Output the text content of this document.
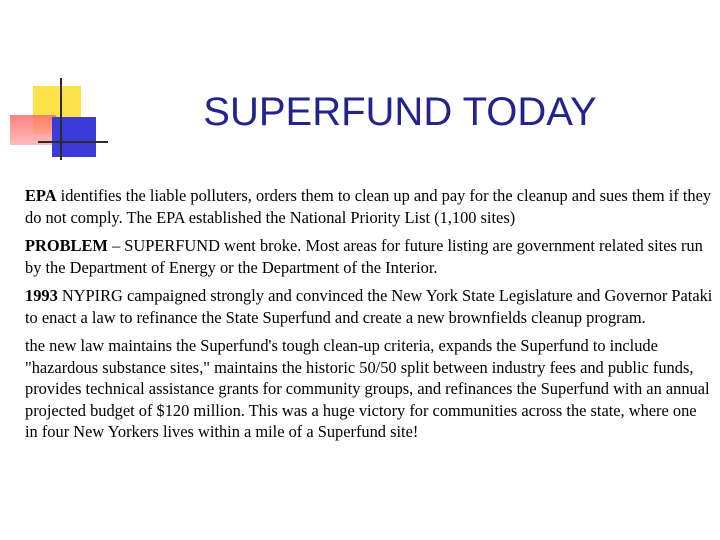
SUPERFUND TODAY

EPA identifies the liable polluters, orders them to clean up and pay for the cleanup and sues them if they do not comply. The EPA established the National Priority List (1,100 sites)

PROBLEM – SUPERFUND went broke. Most areas for future listing are government related sites run by the Department of Energy or the Department of the Interior.

1993 NYPIRG campaigned strongly and convinced the New York State Legislature and Governor Pataki to enact a law to refinance the State Superfund and create a new brownfields cleanup program.

the new law maintains the Superfund's tough clean-up criteria, expands the Superfund to include "hazardous substance sites," maintains the historic 50/50 split between industry fees and public funds, provides technical assistance grants for community groups, and refinances the Superfund with an annual projected budget of $120 million. This was a huge victory for communities across the state, where one in four New Yorkers lives within a mile of a Superfund site!
